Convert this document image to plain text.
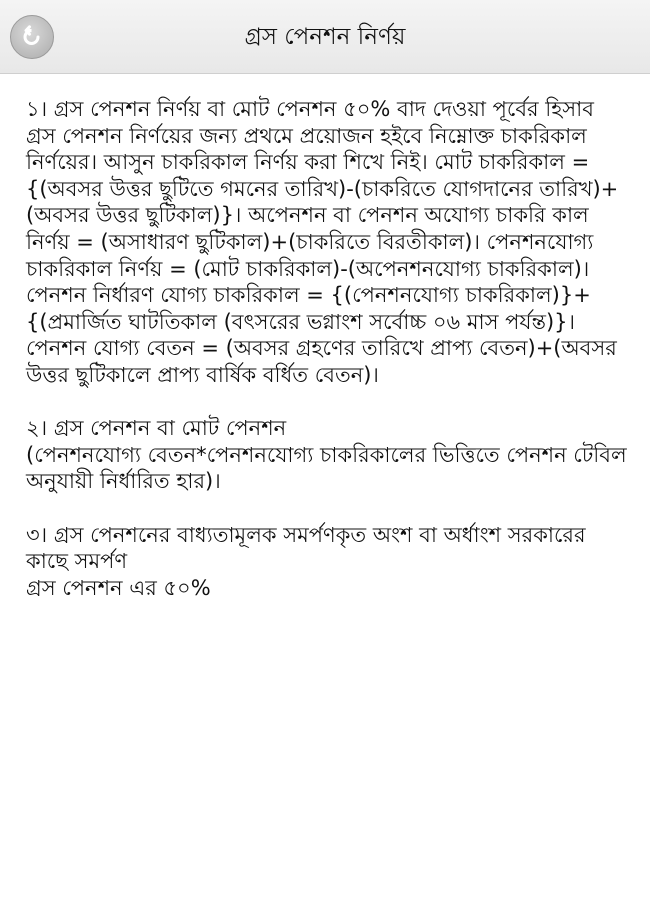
গ্রস পেনশন নির্ণয়
১। গ্রস পেনশন নির্ণয় বা মোট পেনশন ৫০% বাদ দেওয়া পূর্বের হিসাব
গ্রস পেনশন নির্ণয়ের জন্য প্রথমে প্রয়োজন হইবে নিম্নোক্ত চাকরিকাল নির্ণয়ের। আসুন চাকরিকাল নির্ণয় করা শিখে নিই। মোট চাকরিকাল = {(অবসর উত্তর ছুটিতে গমনের তারিখ)-(চাকরিতে যোগদানের তারিখ)+(অবসর উত্তর ছুটিকাল)}। অপেনশন বা পেনশন অযোগ্য চাকরি কাল নির্ণয় = (অসাধারণ ছুটিকাল)+(চাকরিতে বিরতীকাল)। পেনশনযোগ্য চাকরিকাল নির্ণয় = (মোট চাকরিকাল)-(অপেনশনযোগ্য চাকরিকাল)। পেনশন নির্ধারণ যোগ্য চাকরিকাল = {(পেনশনযোগ্য চাকরিকাল)}+{(প্রমার্জিত ঘাটতিকাল (বৎসরের ভগ্নাংশ সর্বোচ্চ ০৬ মাস পর্যন্ত)}। পেনশন যোগ্য বেতন = (অবসর গ্রহণের তারিখে প্রাপ্য বেতন)+(অবসর উত্তর ছুটিকালে প্রাপ্য বার্ষিক বর্ধিত বেতন)।
২। গ্রস পেনশন বা মোট পেনশন
(পেনশনযোগ্য বেতন*পেনশনযোগ্য চাকরিকালের ভিত্তিতে পেনশন টেবিল অনুযায়ী নির্ধারিত হার)।
৩। গ্রস পেনশনের বাধ্যতামূলক সমর্পণকৃত অংশ বা অর্ধাংশ সরকারের কাছে সমর্পণ
গ্রস পেনশন এর ৫০%
